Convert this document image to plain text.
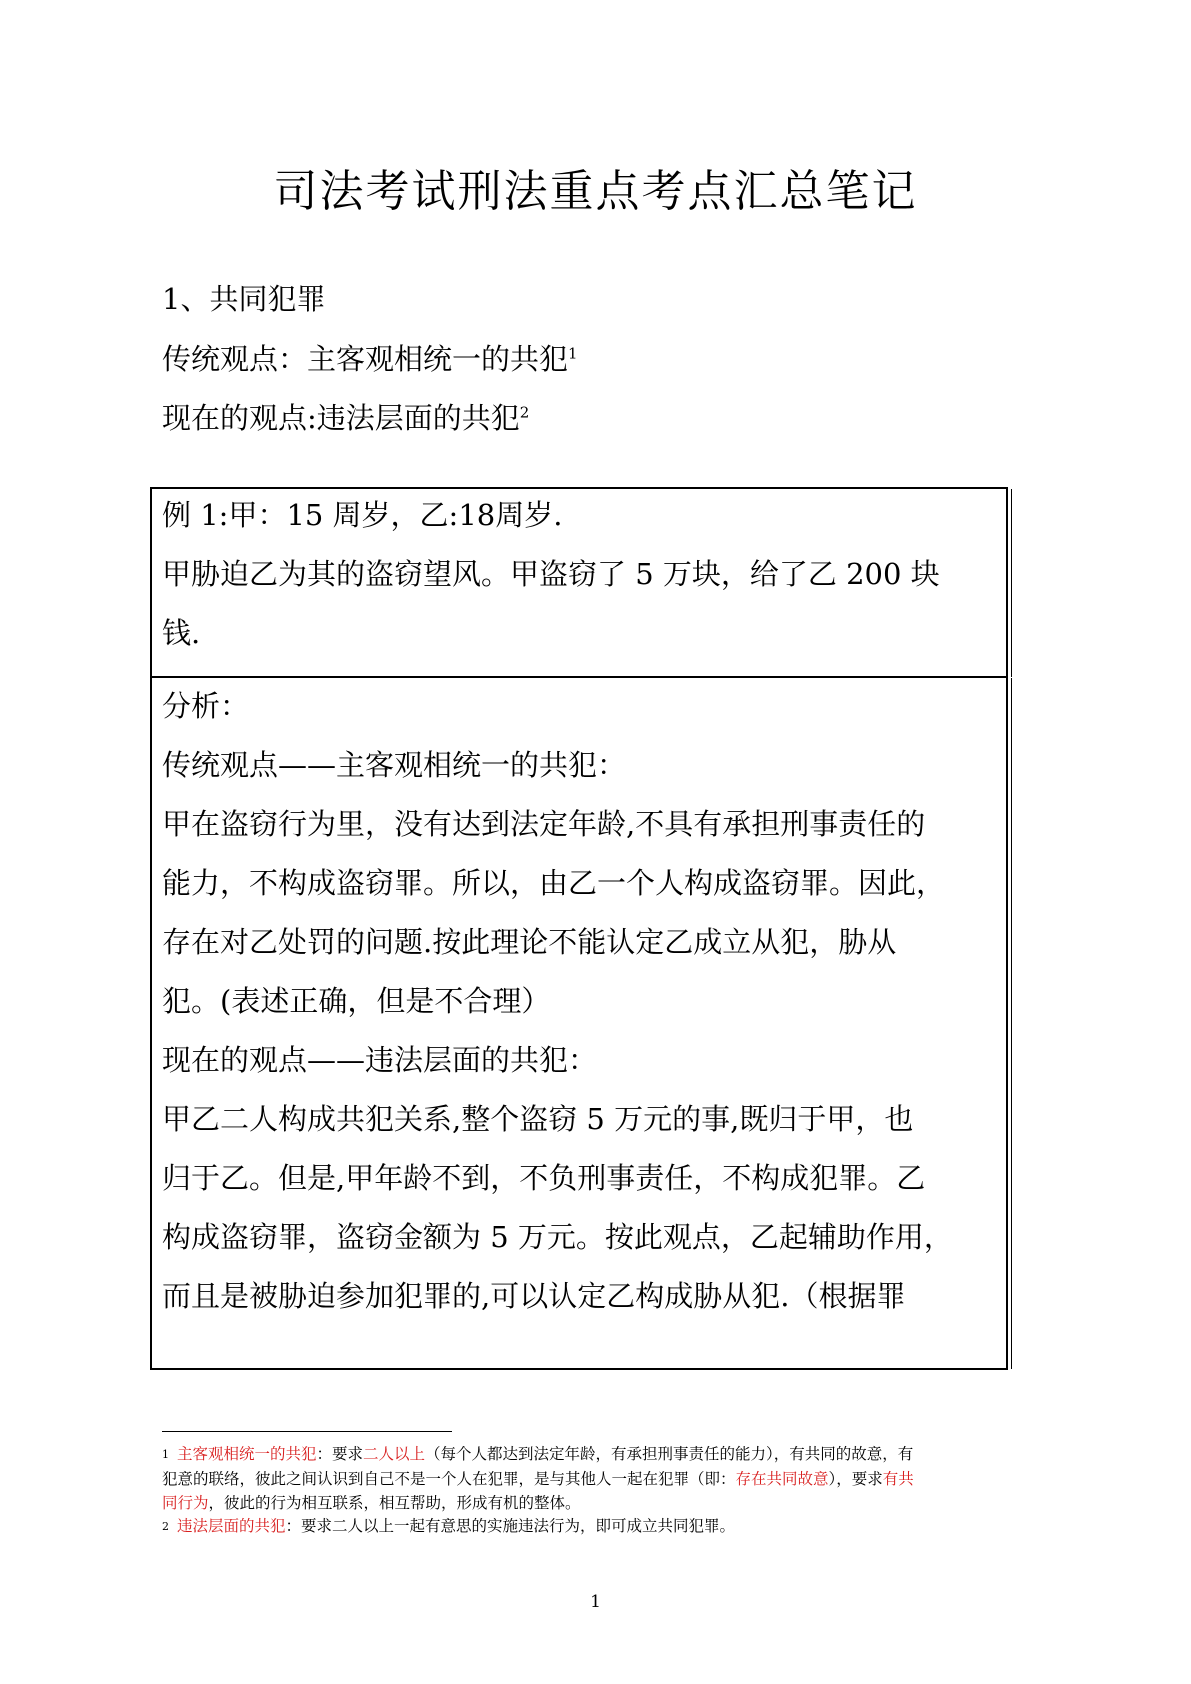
司法考试刑法重点考点汇总笔记
1、共同犯罪
传统观点：主客观相统一的共犯$^1$
现在的观点:违法层面的共犯$^2$
例 1:甲：15 周岁，乙:18周岁.
甲胁迫乙为其的盗窃望风。甲盗窃了 5 万块，给了乙 200 块
钱.
分析：
传统观点——主客观相统一的共犯：
甲在盗窃行为里，没有达到法定年龄,不具有承担刑事责任的
能力，不构成盗窃罪。所以，由乙一个人构成盗窃罪。因此，
存在对乙处罚的问题.按此理论不能认定乙成立从犯，胁从
犯。(表述正确，但是不合理）
现在的观点——违法层面的共犯：
甲乙二人构成共犯关系,整个盗窃 5 万元的事,既归于甲，也
归于乙。但是,甲年龄不到，不负刑事责任，不构成犯罪。乙
构成盗窃罪，盗窃金额为 5 万元。按此观点，乙起辅助作用，
而且是被胁迫参加犯罪的,可以认定乙构成胁从犯.（根据罪
1 主客观相统一的共犯：要求二人以上（每个人都达到法定年龄，有承担刑事责任的能力），有共同的故意，有
犯意的联络，彼此之间认识到自己不是一个人在犯罪，是与其他人一起在犯罪（即：存在共同故意），要求有共
同行为，彼此的行为相互联系，相互帮助，形成有机的整体。
2 违法层面的共犯：要求二人以上一起有意思的实施违法行为，即可成立共同犯罪。
1
